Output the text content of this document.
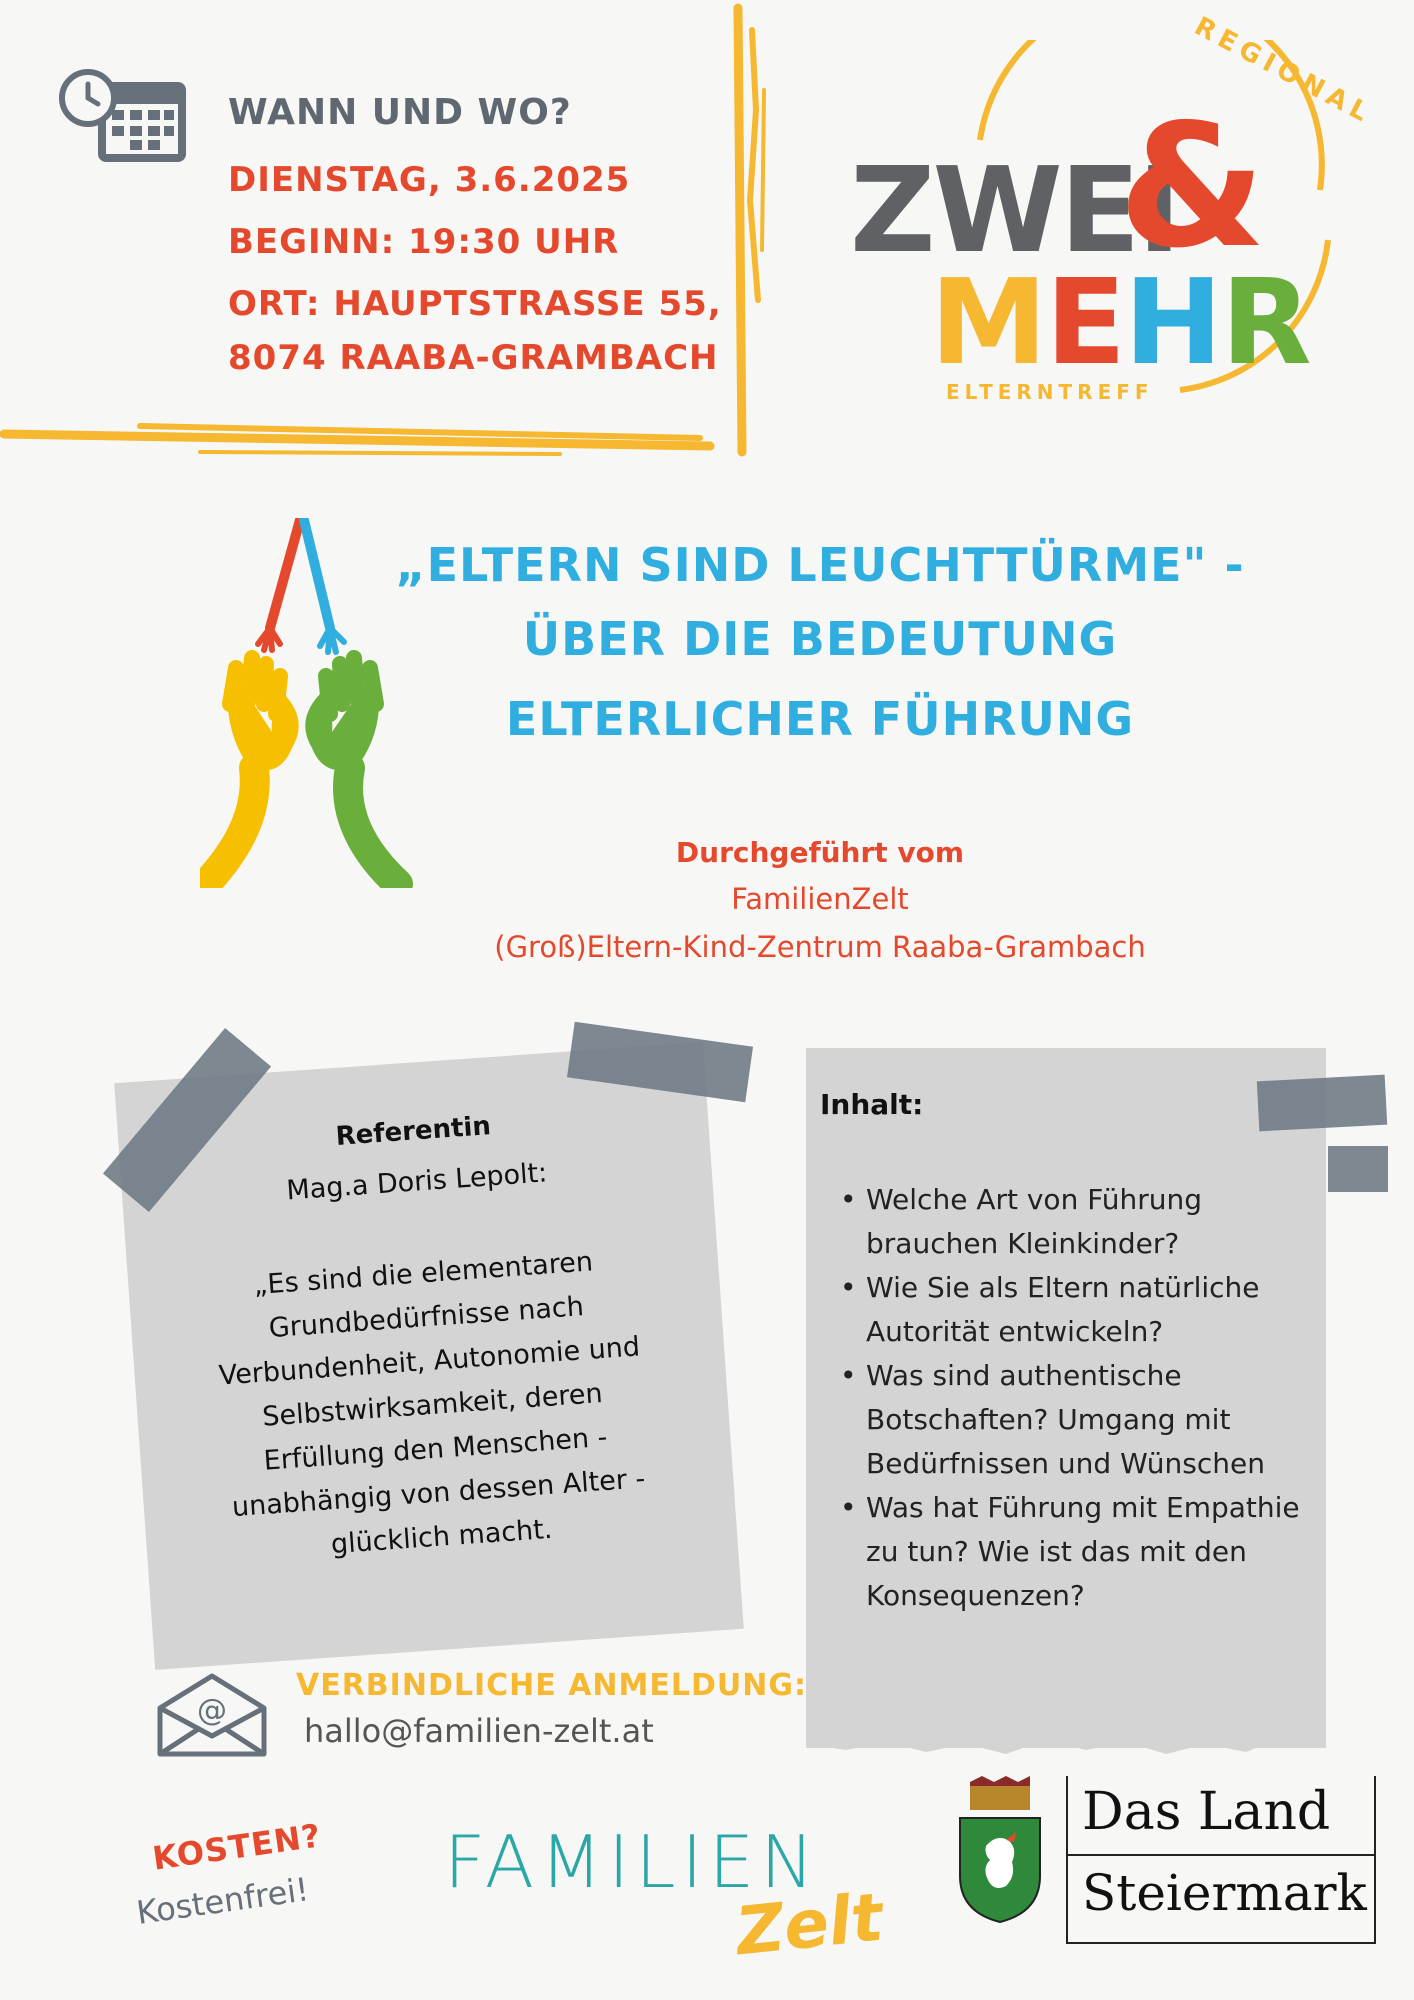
WANN UND WO?
DIENSTAG, 3.6.2025
BEGINN: 19:30 UHR
ORT: HAUPTSTRASSE 55,
8074 RAABA-GRAMBACH
REGIONAL
ZWEI
&
MEHR
ELTERNTREFF
„ELTERN SIND LEUCHTTÜRME" -
ÜBER DIE BEDEUTUNG
ELTERLICHER FÜHRUNG
Durchgeführt vom
FamilienZelt
(Groß)Eltern-Kind-Zentrum Raaba-Grambach
Referentin
Mag.a Doris Lepolt:

„Es sind die elementaren

Grundbedürfnisse nach

Verbundenheit, Autonomie und

Selbstwirksamkeit, deren

Erfüllung den Menschen -

unabhängig von dessen Alter -

glücklich macht.

Inhalt:
• Welche Art von Führung brauchen Kleinkinder?
• Wie Sie als Eltern natürliche Autorität entwickeln?
• Was sind authentische Botschaften? Umgang mit Bedürfnissen und Wünschen
• Was hat Führung mit Empathie zu tun? Wie ist das mit den Konsequenzen?
@
VERBINDLICHE ANMELDUNG:
hallo@familien-zelt.at
KOSTEN?
Kostenfrei! FAMILIEN
Zelt
Das Land
Steiermark
